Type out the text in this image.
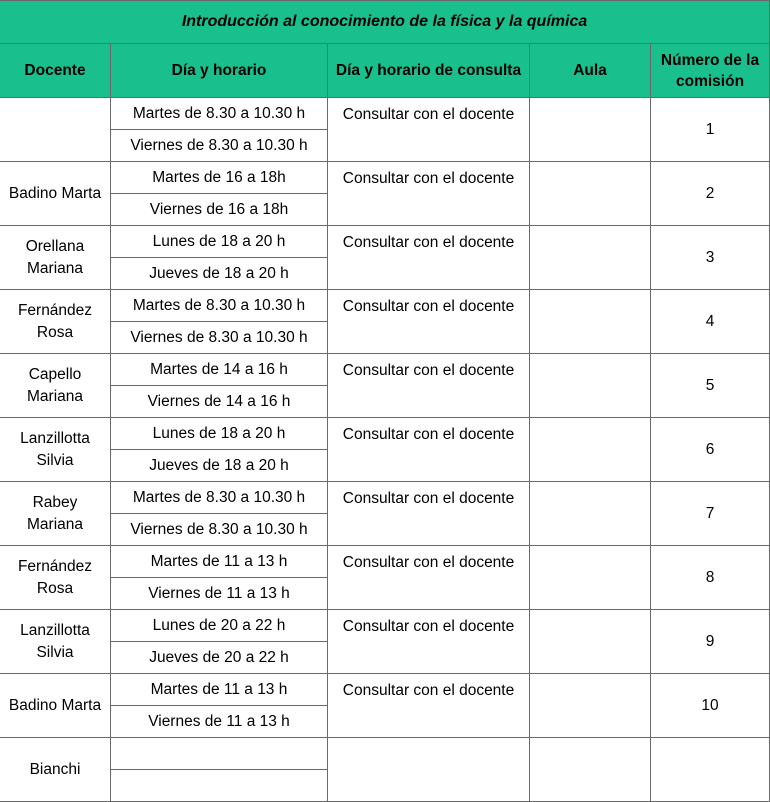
Introducción al conocimiento de la física y la química				
Docente	Día y horario	Día y horario de consulta	Aula	Número de la comisión
	Martes de 8.30 a 10.30 h	Consultar con el docente		1
	Viernes de 8.30 a 10.30 h			
Badino Marta	Martes de 16 a 18h	Consultar con el docente		2
	Viernes de 16 a 18h			
Orellana Mariana	Lunes de 18 a 20 h	Consultar con el docente		3
	Jueves de 18 a 20 h			
Fernández Rosa	Martes de 8.30 a 10.30 h	Consultar con el docente		4
	Viernes de 8.30 a 10.30 h			
Capello Mariana	Martes de 14 a 16 h	Consultar con el docente		5
	Viernes de 14 a 16 h			
Lanzillotta Silvia	Lunes de 18 a 20 h	Consultar con el docente		6
	Jueves de 18 a 20 h			
Rabey Mariana	Martes de 8.30 a 10.30 h	Consultar con el docente		7
	Viernes de 8.30 a 10.30 h			
Fernández Rosa	Martes de 11 a 13 h	Consultar con el docente		8
	Viernes de 11 a 13 h			
Lanzillotta Silvia	Lunes de 20 a 22 h	Consultar con el docente		9
	Jueves de 20 a 22 h			
Badino Marta	Martes de 11 a 13 h	Consultar con el docente		10
	Viernes de 11 a 13 h			
Bianchi				
